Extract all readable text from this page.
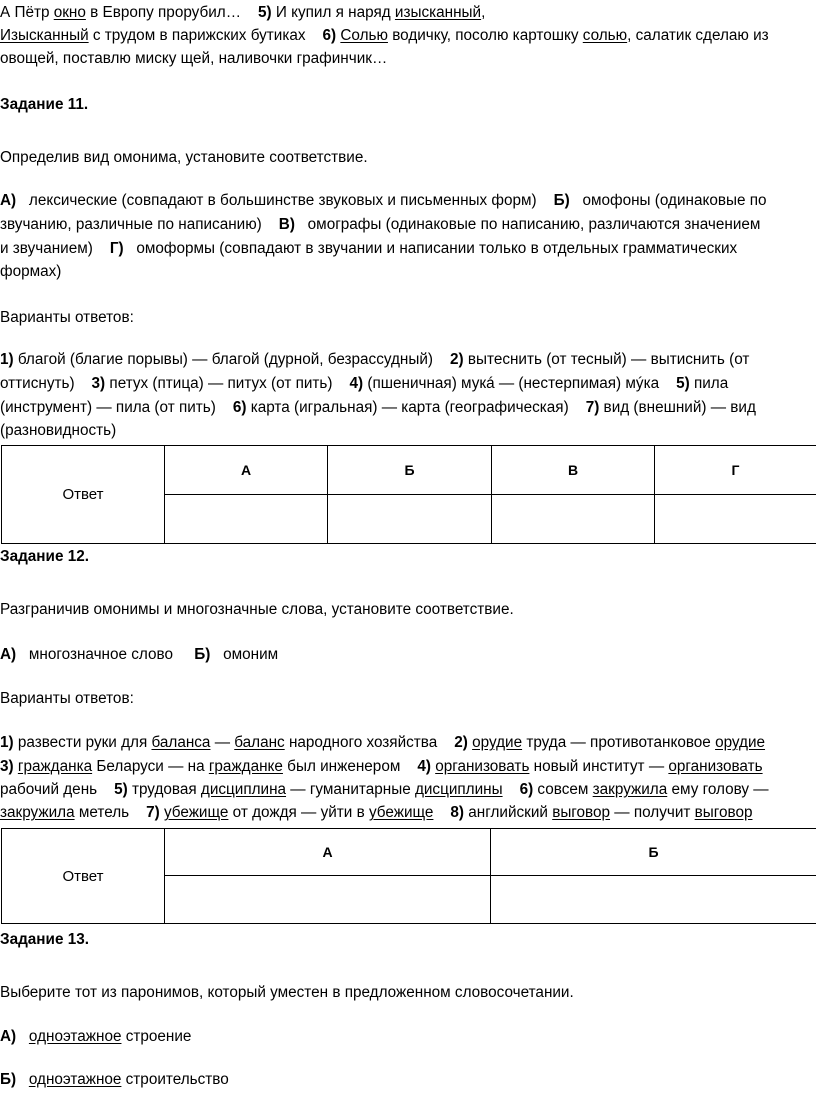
А Пётр окно в Европу прорубил… 5) И купил я наряд изысканный,
Изысканный с трудом в парижских бутиках 6) Солью водичку, посолю картошку солью, салатик сделаю из
овощей, поставлю миску щей, наливочки графинчик…
Задание 11.
Определив вид омонима, установите соответствие.
А) лексические (совпадают в большинстве звуковых и письменных форм) Б) омофоны (одинаковые по
звучанию, различные по написанию) В) омографы (одинаковые по написанию, различаются значением
и звучанием) Г) омоформы (совпадают в звучании и написании только в отдельных грамматических
формах)
Варианты ответов:
1) благой (благие порывы) — благой (дурной, безрассудный) 2) вытеснить (от тесный) — вытиснить (от
оттиснуть) 3) петух (птица) — питух (от пить) 4) (пшеничная) мукá — (нестерпимая) мýка 5) пила
(инструмент) — пила (от пить) 6) карта (игральная) — карта (географическая) 7) вид (внешний) — вид
(разновидность)
Ответ	А	Б	В	Г

Задание 12.
Разграничив омонимы и многозначные слова, установите соответствие.
А) многозначное слово Б) омоним
Варианты ответов:
1) развести руки для баланса — баланс народного хозяйства 2) орудие труда — противотанковое орудие
3) гражданка Беларуси — на гражданке был инженером 4) организовать новый институт — организовать
рабочий день 5) трудовая дисциплина — гуманитарные дисциплины 6) совсем закружила ему голову —
закружила метель 7) убежище от дождя — уйти в убежище 8) английский выговор — получит выговор
Ответ	А	Б

Задание 13.
Выберите тот из паронимов, который уместен в предложенном словосочетании.
А) одноэтажное строение
Б) одноэтажное строительство
